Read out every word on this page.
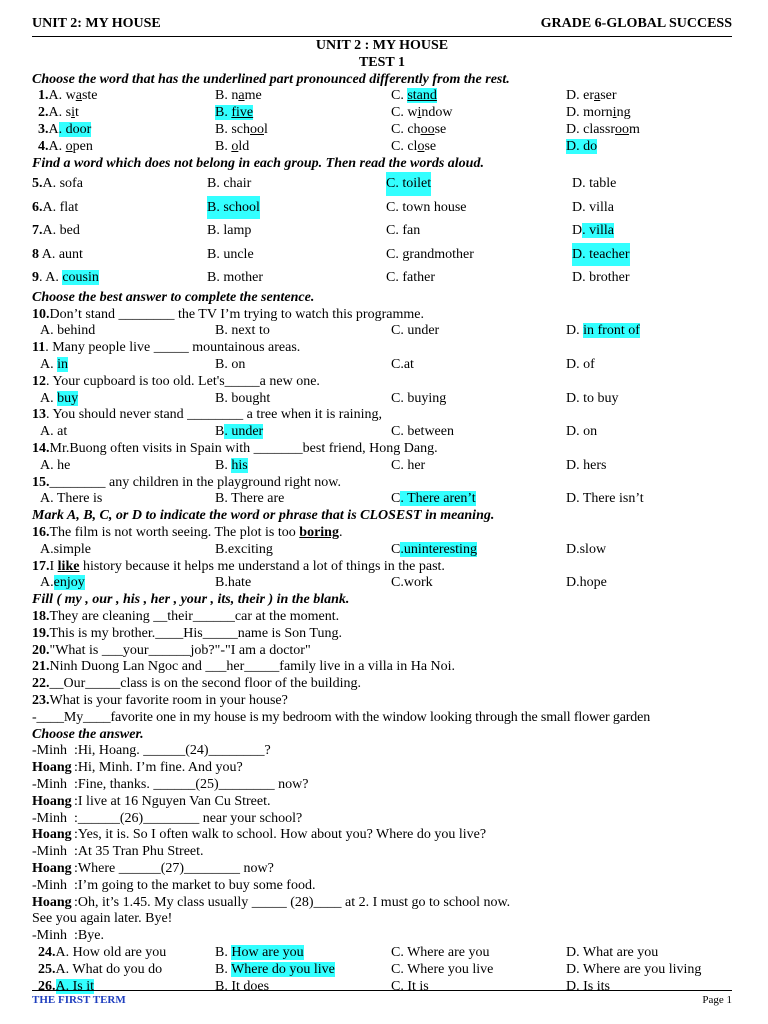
UNIT 2: MY HOUSE	GRADE 6-GLOBAL SUCCESS
UNIT 2 : MY HOUSE
TEST 1
Choose the word that has the underlined part pronounced differently from the rest.
1.A. waste	B. name	C. stand	D. eraser
2.A. sit	B. five	C. window	D. morning
3.A. door	B. school	C. choose	D. classroom
4.A. open	B. old	C. close	D. do
Find a word which does not belong in each group. Then read the words aloud.
5.A. sofa	B. chair	C. toilet	D. table
6.A. flat	B. school	C. town house	D. villa
7.A. bed	B. lamp	C. fan	D. villa
8 A. aunt	B. uncle	C. grandmother	D. teacher
9. A. cousin	B. mother	C. father	D. brother
Choose the best answer to complete the sentence.
10.Don’t stand ________ the TV I’m trying to watch this programme.
A. behind	B. next to	C. under	D. in front of
11. Many people live _____ mountainous areas.
A. in	B. on	C.at	D. of
12. Your cupboard is too old. Let's_____a new one.
A. buy	B. bought	C. buying	D. to buy
13. You should never stand ________ a tree when it is raining,
A. at	B. under	C. between	D. on
14.Mr.Buong often visits in Spain with _______best friend, Hong Dang.
A. he	B. his	C. her	D. hers
15.________ any children in the playground right now.
A. There is	B. There are	C. There aren’t	D. There isn’t
Mark A, B, C, or D to indicate the word or phrase that is CLOSEST in meaning.
16.The film is not worth seeing. The plot is too boring.
A.simple	B.exciting	C.uninteresting	D.slow
17.I like history because it helps me understand a lot of things in the past.
A.enjoy	B.hate	C.work	D.hope
Fill ( my , our , his , her , your , its, their ) in the blank.
18.They are cleaning __their______car at the moment.
19.This is my brother.____His_____name is Son Tung.
20."What is ___your______job?"-"I am a doctor"
21.Ninh Duong Lan Ngoc and ___her_____family live in a villa in Ha Noi.
22.__Our_____class is on the second floor of the building.
23.What is your favorite room in your house?
-____My____favorite one in my house is my bedroom with the window looking through the small flower garden
Choose the answer.
-Minh :Hi, Hoang. ______(24)________?
Hoang :Hi, Minh. I’m fine. And you?
-Minh :Fine, thanks. ______(25)________ now?
Hoang :I live at 16 Nguyen Van Cu Street.
-Minh :______(26)________ near your school?
Hoang :Yes, it is. So I often walk to school. How about you? Where do you live?
-Minh :At 35 Tran Phu Street.
Hoang :Where ______(27)________ now?
-Minh :I’m going to the market to buy some food.
Hoang :Oh, it’s 1.45. My class usually _____ (28)____ at 2. I must go to school now.
See you again later. Bye!
-Minh :Bye.
24.A. How old are you	B. How are you	C. Where are you	D. What are you
25.A. What do you do	B. Where do you live	C. Where you live	D. Where are you living
26.A. Is it	B. It does	C. It is	D. Is its
THE FIRST TERM	Page 1
